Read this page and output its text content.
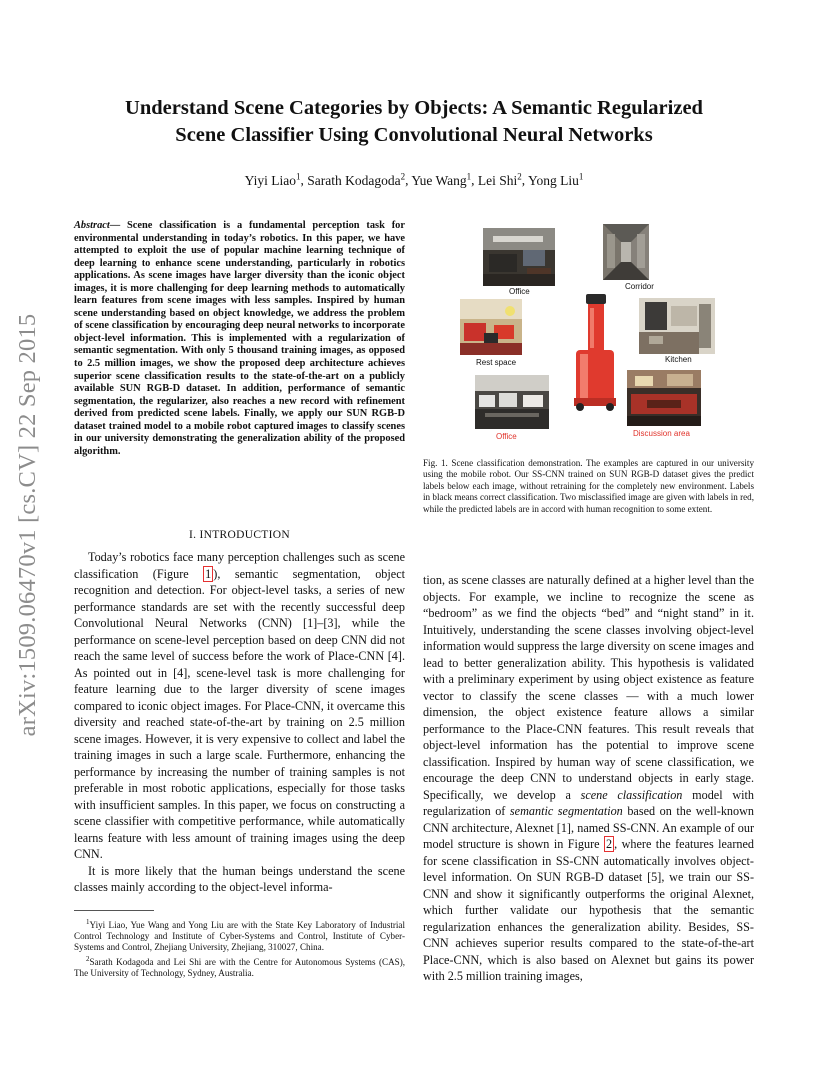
arXiv:1509.06470v1 [cs.CV] 22 Sep 2015
Understand Scene Categories by Objects: A Semantic Regularized
Scene Classifier Using Convolutional Neural Networks
Yiyi Liao$^1$, Sarath Kodagoda$^2$, Yue Wang$^1$, Lei Shi$^2$, Yong Liu$^1$
Abstract— Scene classification is a fundamental perception task for environmental understanding in today’s robotics. In this paper, we have attempted to exploit the use of popular machine learning technique of deep learning to enhance scene understanding, particularly in robotics applications. As scene images have larger diversity than the iconic object images, it is more challenging for deep learning methods to automatically learn features from scene images with less samples. Inspired by human scene understanding based on object knowledge, we address the problem of scene classification by encouraging deep neural networks to incorporate object-level information. This is implemented with a regularization of semantic segmentation. With only 5 thousand training images, as opposed to 2.5 million images, we show the proposed deep architecture achieves superior scene classification results to the state-of-the-art on a publicly available SUN RGB-D dataset. In addition, performance of semantic segmentation, the regularizer, also reaches a new record with refinement derived from predicted scene labels. Finally, we apply our SUN RGB-D dataset trained model to a mobile robot captured images to classify scenes in our university demonstrating the generalization ability of the proposed algorithm.
I. INTRODUCTION

Today’s robotics face many perception challenges such as scene classification (Figure 1 ), semantic segmentation, object recognition and detection. For object-level tasks, a series of new performance standards are set with the recently successful deep Convolutional Neural Networks (CNN) [1]–[3], while the performance on scene-level perception based on deep CNN did not reach the same level of success before the work of Place-CNN [4]. As pointed out in [4], scene-level task is more challenging for feature learning due to the larger diversity of scene images compared to iconic object images. For Place-CNN, it overcame this diversity and reached state-of-the-art by training on 2.5 million scene images. However, it is very expensive to collect and label the training images in such a large scale. Furthermore, enhancing the performance by increasing the number of training samples is not preferable in most robotic applications, especially for those tasks with insufficient samples. In this paper, we focus on constructing a scene classifier with competitive performance, while automatically learns feature with less amount of training images using the deep CNN.

It is more likely that the human beings understand the scene classes mainly according to the object-level informa-

$^1$Yiyi Liao, Yue Wang and Yong Liu are with the State Key Laboratory of Industrial Control Technology and Institute of Cyber-Systems and Control, Institute of Cyber-Systems and Control, Zhejiang University, Zhejiang, 310027, China.

$^2$Sarath Kodagoda and Lei Shi are with the Centre for Autonomous Systems (CAS), The University of Technology, Sydney, Australia.

Office
Corridor
Rest space	Kitchen
Office	Discussion area
Fig. 1. Scene classification demonstration. The examples are captured in our university using the mobile robot. Our SS-CNN trained on SUN RGB-D dataset gives the predict labels below each image, without retraining for the completely new environment. Labels in black means correct classification. Two misclassified image are given with labels in red, while the predicted labels are in accord with human recognition to some extent.

tion, as scene classes are naturally defined at a higher level than the objects. For example, we incline to recognize the scene as “bedroom” as we find the objects “bed” and “night stand” in it. Intuitively, understanding the scene classes involving object-level information would suppress the large diversity on scene images and lead to better generalization ability. This hypothesis is validated with a preliminary experiment by using object existence as feature vector to classify the scene classes — with a much lower dimension, the object existence feature allows a similar performance to the Place-CNN features. This result reveals that object-level information has the potential to improve scene classification. Inspired by human way of scene classification, we encourage the deep CNN to understand objects in early stage. Specifically, we develop a scene classification model with regularization of semantic segmentation based on the well-known CNN architecture, Alexnet [1], named SS-CNN. An example of our model structure is shown in Figure 2 , where the features learned for scene classification in SS-CNN automatically involves object-level information. On SUN RGB-D dataset [5], we train our SS-CNN and show it significantly outperforms the original Alexnet, which further validate our hypothesis that the semantic regularization enhances the generalization ability. Besides, SS-CNN achieves superior results compared to the state-of-the-art Place-CNN, which is also based on Alexnet but gains its power with 2.5 million training images,
